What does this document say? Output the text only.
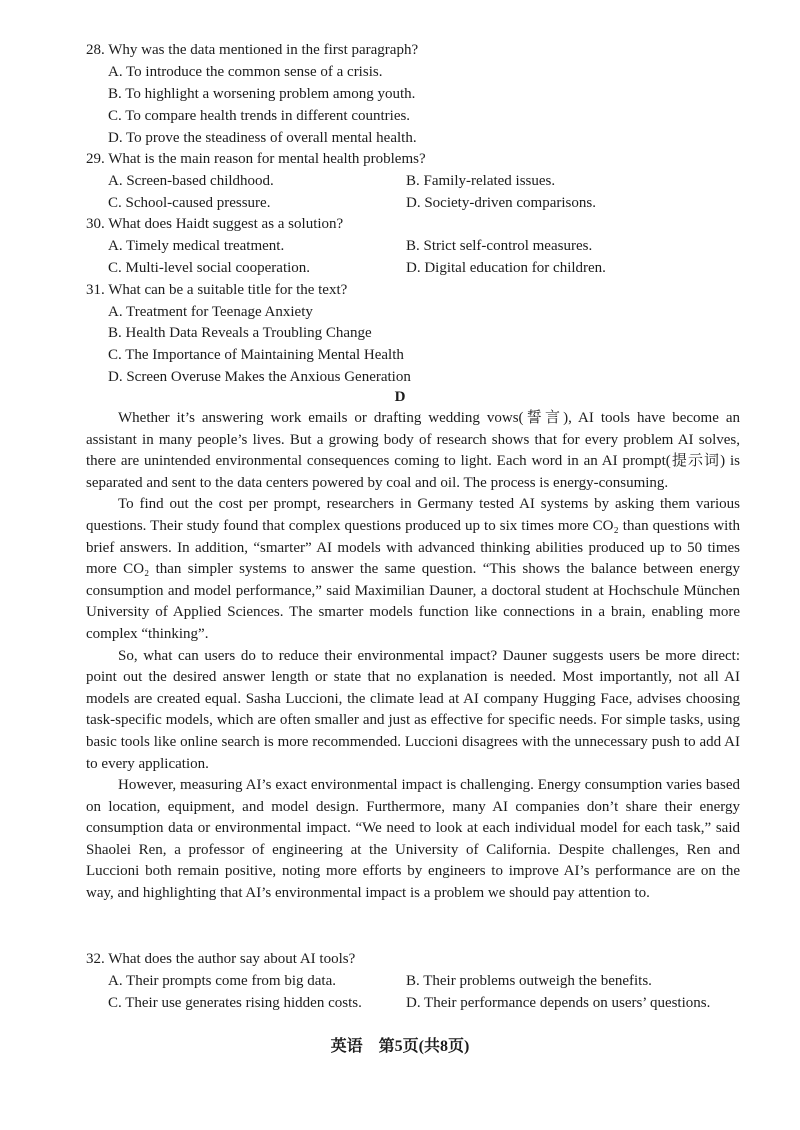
28. Why was the data mentioned in the first paragraph?
A. To introduce the common sense of a crisis.
B. To highlight a worsening problem among youth.
C. To compare health trends in different countries.
D. To prove the steadiness of overall mental health.
29. What is the main reason for mental health problems?
A. Screen-based childhood.	B. Family-related issues.
C. School-caused pressure.	D. Society-driven comparisons.
30. What does Haidt suggest as a solution?
A. Timely medical treatment.	B. Strict self-control measures.
C. Multi-level social cooperation.	D. Digital education for children.
31. What can be a suitable title for the text?
A. Treatment for Teenage Anxiety
B. Health Data Reveals a Troubling Change
C. The Importance of Maintaining Mental Health
D. Screen Overuse Makes the Anxious Generation
D

Whether it’s answering work emails or drafting wedding vows(誓言), AI tools have become an assistant in many people’s lives. But a growing body of research shows that for every problem AI solves, there are unintended environmental consequences coming to light. Each word in an AI prompt(提示词) is separated and sent to the data centers powered by coal and oil. The process is energy-consuming.

To find out the cost per prompt, researchers in Germany tested AI systems by asking them various questions. Their study found that complex questions produced up to six times more CO₂ than questions with brief answers. In addition, “smarter” AI models with advanced thinking abilities produced up to 50 times more CO₂ than simpler systems to answer the same question. “This shows the balance between energy consumption and model performance,” said Maximilian Dauner, a doctoral student at Hochschule München University of Applied Sciences. The smarter models function like connections in a brain, enabling more complex “thinking”.

So, what can users do to reduce their environmental impact? Dauner suggests users be more direct: point out the desired answer length or state that no explanation is needed. Most importantly, not all AI models are created equal. Sasha Luccioni, the climate lead at AI company Hugging Face, advises choosing task-specific models, which are often smaller and just as effective for specific needs. For simple tasks, using basic tools like online search is more recommended. Luccioni disagrees with the unnecessary push to add AI to every application.

However, measuring AI’s exact environmental impact is challenging. Energy consumption varies based on location, equipment, and model design. Furthermore, many AI companies don’t share their energy consumption data or environmental impact. “We need to look at each individual model for each task,” said Shaolei Ren, a professor of engineering at the University of California. Despite challenges, Ren and Luccioni both remain positive, noting more efforts by engineers to improve AI’s performance are on the way, and highlighting that AI’s environmental impact is a problem we should pay attention to.

32. What does the author say about AI tools?
A. Their prompts come from big data.	B. Their problems outweigh the benefits.
C. Their use generates rising hidden costs.	D. Their performance depends on users’ questions.
英语　第5页(共8页)
